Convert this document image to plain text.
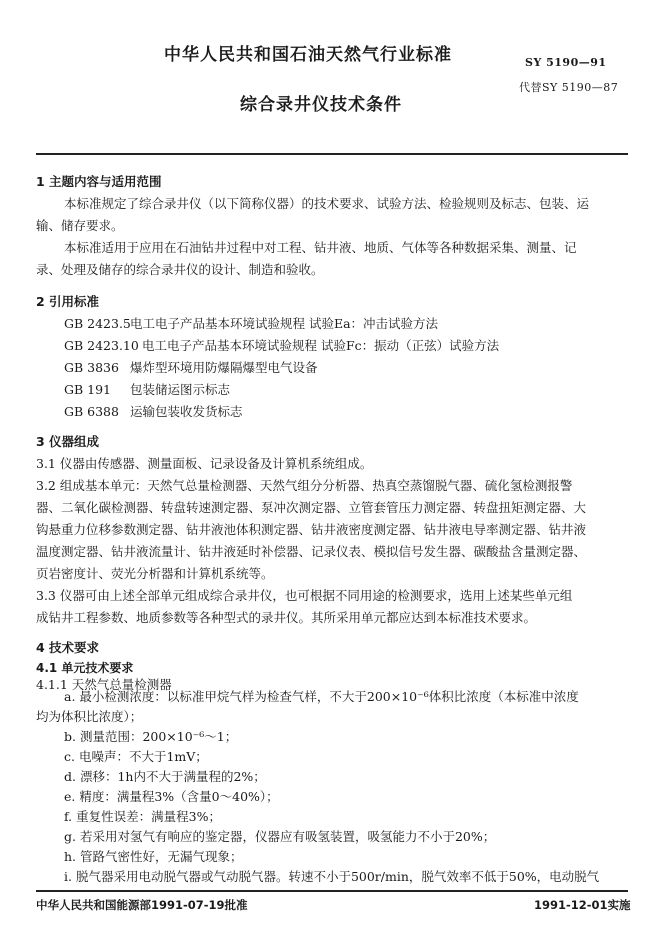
中华人民共和国石油天然气行业标准	SY 5190—91
代替SY 5190—87
综合录井仪技术条件
1 主题内容与适用范围
本标准规定了综合录井仪（以下简称仪器）的技术要求、试验方法、检验规则及标志、包装、运
输、储存要求。
本标准适用于应用在石油钻井过程中对工程、钻井液、地质、气体等各种数据采集、测量、记
录、处理及储存的综合录井仪的设计、制造和验收。
2 引用标准
GB 2423.5电工电子产品基本环境试验规程 试验Ea：冲击试验方法
GB 2423.10 电工电子产品基本环境试验规程 试验Fc：振动（正弦）试验方法
GB 3836 爆炸型环境用防爆隔爆型电气设备
GB 191 包装储运图示标志
GB 6388 运输包装收发货标志
3 仪器组成
3.1 仪器由传感器、测量面板、记录设备及计算机系统组成。
3.2 组成基本单元：天然气总量检测器、天然气组分分析器、热真空蒸馏脱气器、硫化氢检测报警
器、二氧化碳检测器、转盘转速测定器、泵冲次测定器、立管套管压力测定器、转盘扭矩测定器、大
钩悬重力位移参数测定器、钻井液池体积测定器、钻井液密度测定器、钻井液电导率测定器、钻井液
温度测定器、钻井液流量计、钻井液延时补偿器、记录仪表、模拟信号发生器、碳酸盐含量测定器、
页岩密度计、荧光分析器和计算机系统等。
3.3 仪器可由上述全部单元组成综合录井仪，也可根据不同用途的检测要求，选用上述某些单元组
成钻井工程参数、地质参数等各种型式的录井仪。其所采用单元都应达到本标准技术要求。
4 技术要求
4.1 单元技术要求
4.1.1 天然气总量检测器
a. 最小检测浓度：以标准甲烷气样为检查气样，不大于200×10⁻⁶体积比浓度（本标准中浓度
均为体积比浓度）；
b. 测量范围：200×10⁻⁶～1；
c. 电噪声：不大于1mV；
d. 漂移：1h内不大于满量程的2%；
e. 精度：满量程3%（含量0～40%）；
f. 重复性误差：满量程3%；
g. 若采用对氢气有响应的鉴定器，仪器应有吸氢装置，吸氢能力不小于20%；
h. 管路气密性好，无漏气现象；
i. 脱气器采用电动脱气器或气动脱气器。转速不小于500r/min，脱气效率不低于50%，电动脱气
中华人民共和国能源部1991-07-19批准	1991-12-01实施
